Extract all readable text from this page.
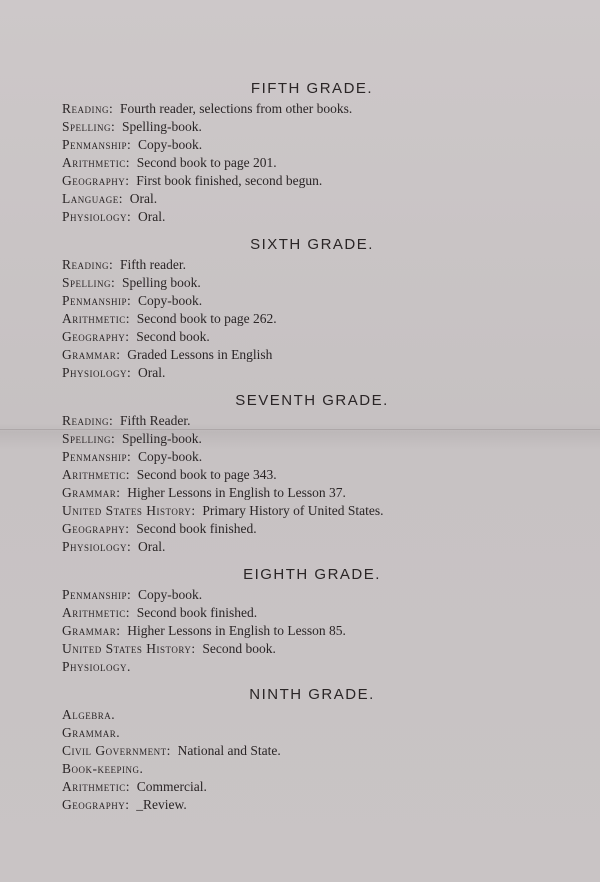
FIFTH GRADE.
Reading: Fourth reader, selections from other books.
Spelling: Spelling-book.
Penmanship: Copy-book.
Arithmetic: Second book to page 201.
Geography: First book finished, second begun.
Language: Oral.
Physiology: Oral.
SIXTH GRADE.
Reading: Fifth reader.
Spelling: Spelling book.
Penmanship: Copy-book.
Arithmetic: Second book to page 262.
Geography: Second book.
Grammar: Graded Lessons in English
Physiology: Oral.
SEVENTH GRADE.
Reading: Fifth Reader.
Spelling: Spelling-book.
Penmanship: Copy-book.
Arithmetic: Second book to page 343.
Grammar: Higher Lessons in English to Lesson 37.
United States History: Primary History of United States.
Geography: Second book finished.
Physiology: Oral.
EIGHTH GRADE.
Penmanship: Copy-book.
Arithmetic: Second book finished.
Grammar: Higher Lessons in English to Lesson 85.
United States History: Second book.
Physiology.
NINTH GRADE.
Algebra.
Grammar.
Civil Government: National and State.
Book-keeping.
Arithmetic: Commercial.
Geography: _Review.
